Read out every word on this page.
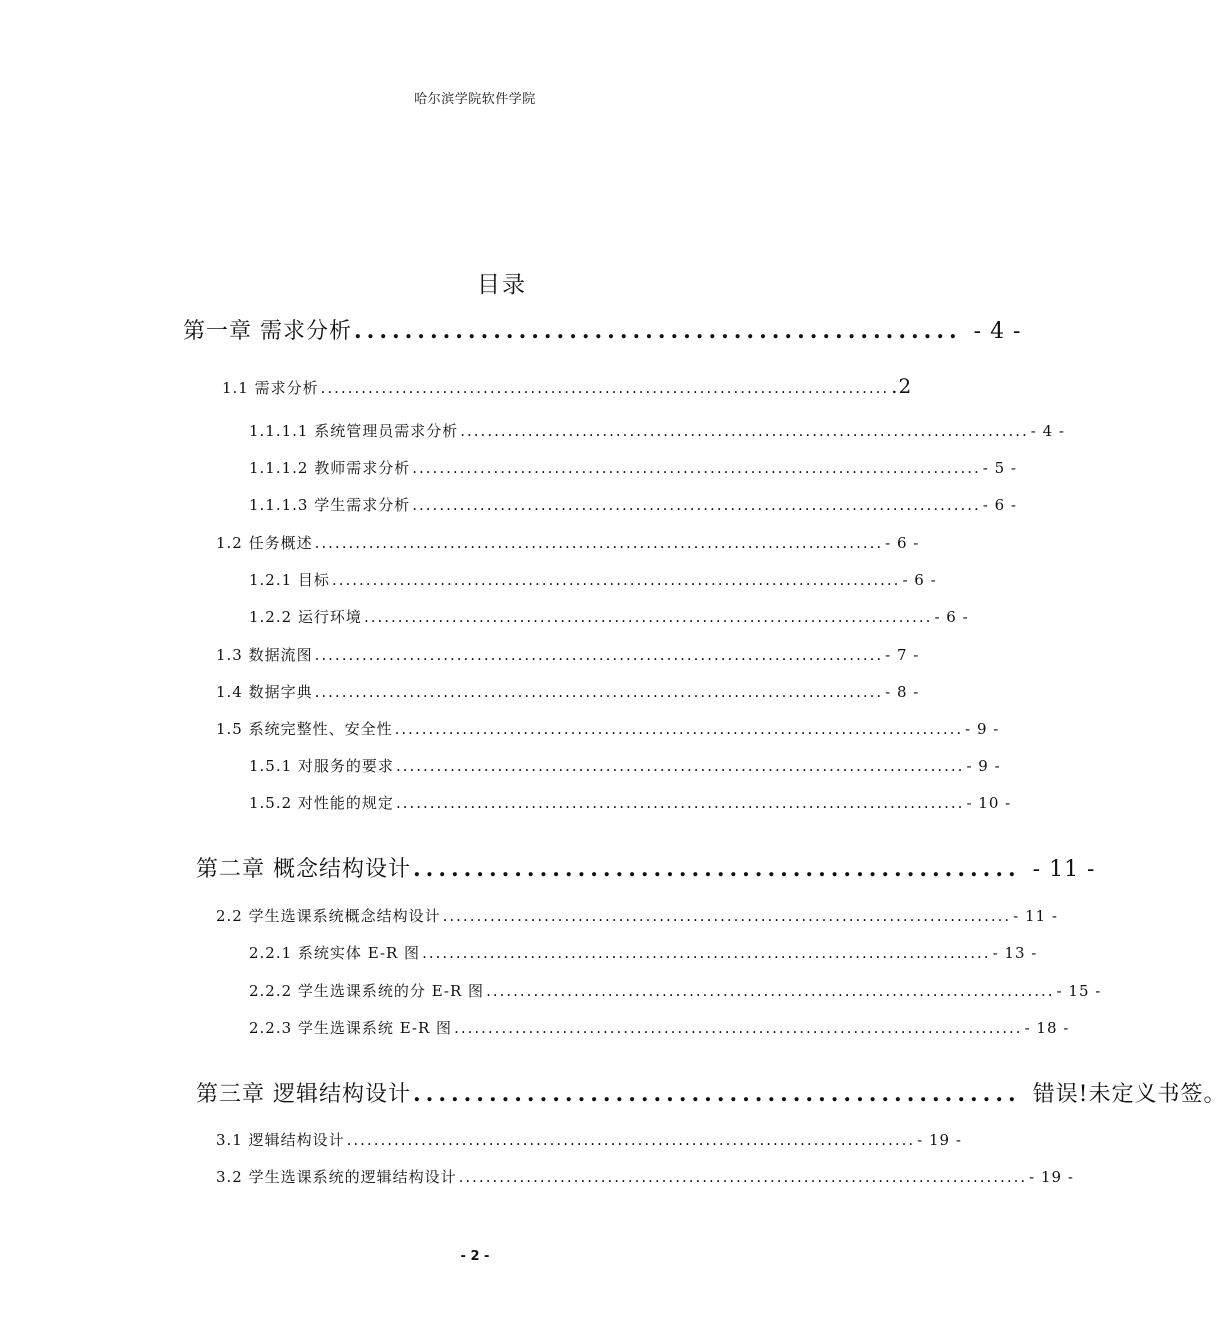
哈尔滨学院软件学院
目录
第一章 需求分析 ................................................ - 4 -
1.1 需求分析 .................................................................................... .2
1.1.1.1 系统管理员需求分析 .................................................................................... - 4 -
1.1.1.2 教师需求分析 .................................................................................... - 5 -
1.1.1.3 学生需求分析 .................................................................................... - 6 -
1.2 任务概述 .................................................................................... - 6 -
1.2.1 目标 .................................................................................... - 6 -
1.2.2 运行环境 .................................................................................... - 6 -
1.3 数据流图 .................................................................................... - 7 -
1.4 数据字典 .................................................................................... - 8 -
1.5 系统完整性、安全性 .................................................................................... - 9 -
1.5.1 对服务的要求 .................................................................................... - 9 -
1.5.2 对性能的规定 .................................................................................... - 10 -
第二章 概念结构设计 ................................................ - 11 -
2.2 学生选课系统概念结构设计 .................................................................................... - 11 -
2.2.1 系统实体 E-R 图 .................................................................................... - 13 -
2.2.2 学生选课系统的分 E-R 图 .................................................................................... - 15 -
2.2.3 学生选课系统 E-R 图 .................................................................................... - 18 -
第三章 逻辑结构设计 ................................................ 错误!未定义书签。
3.1 逻辑结构设计 .................................................................................... - 19 -
3.2 学生选课系统的逻辑结构设计 .................................................................................... - 19 -
- 2 -
